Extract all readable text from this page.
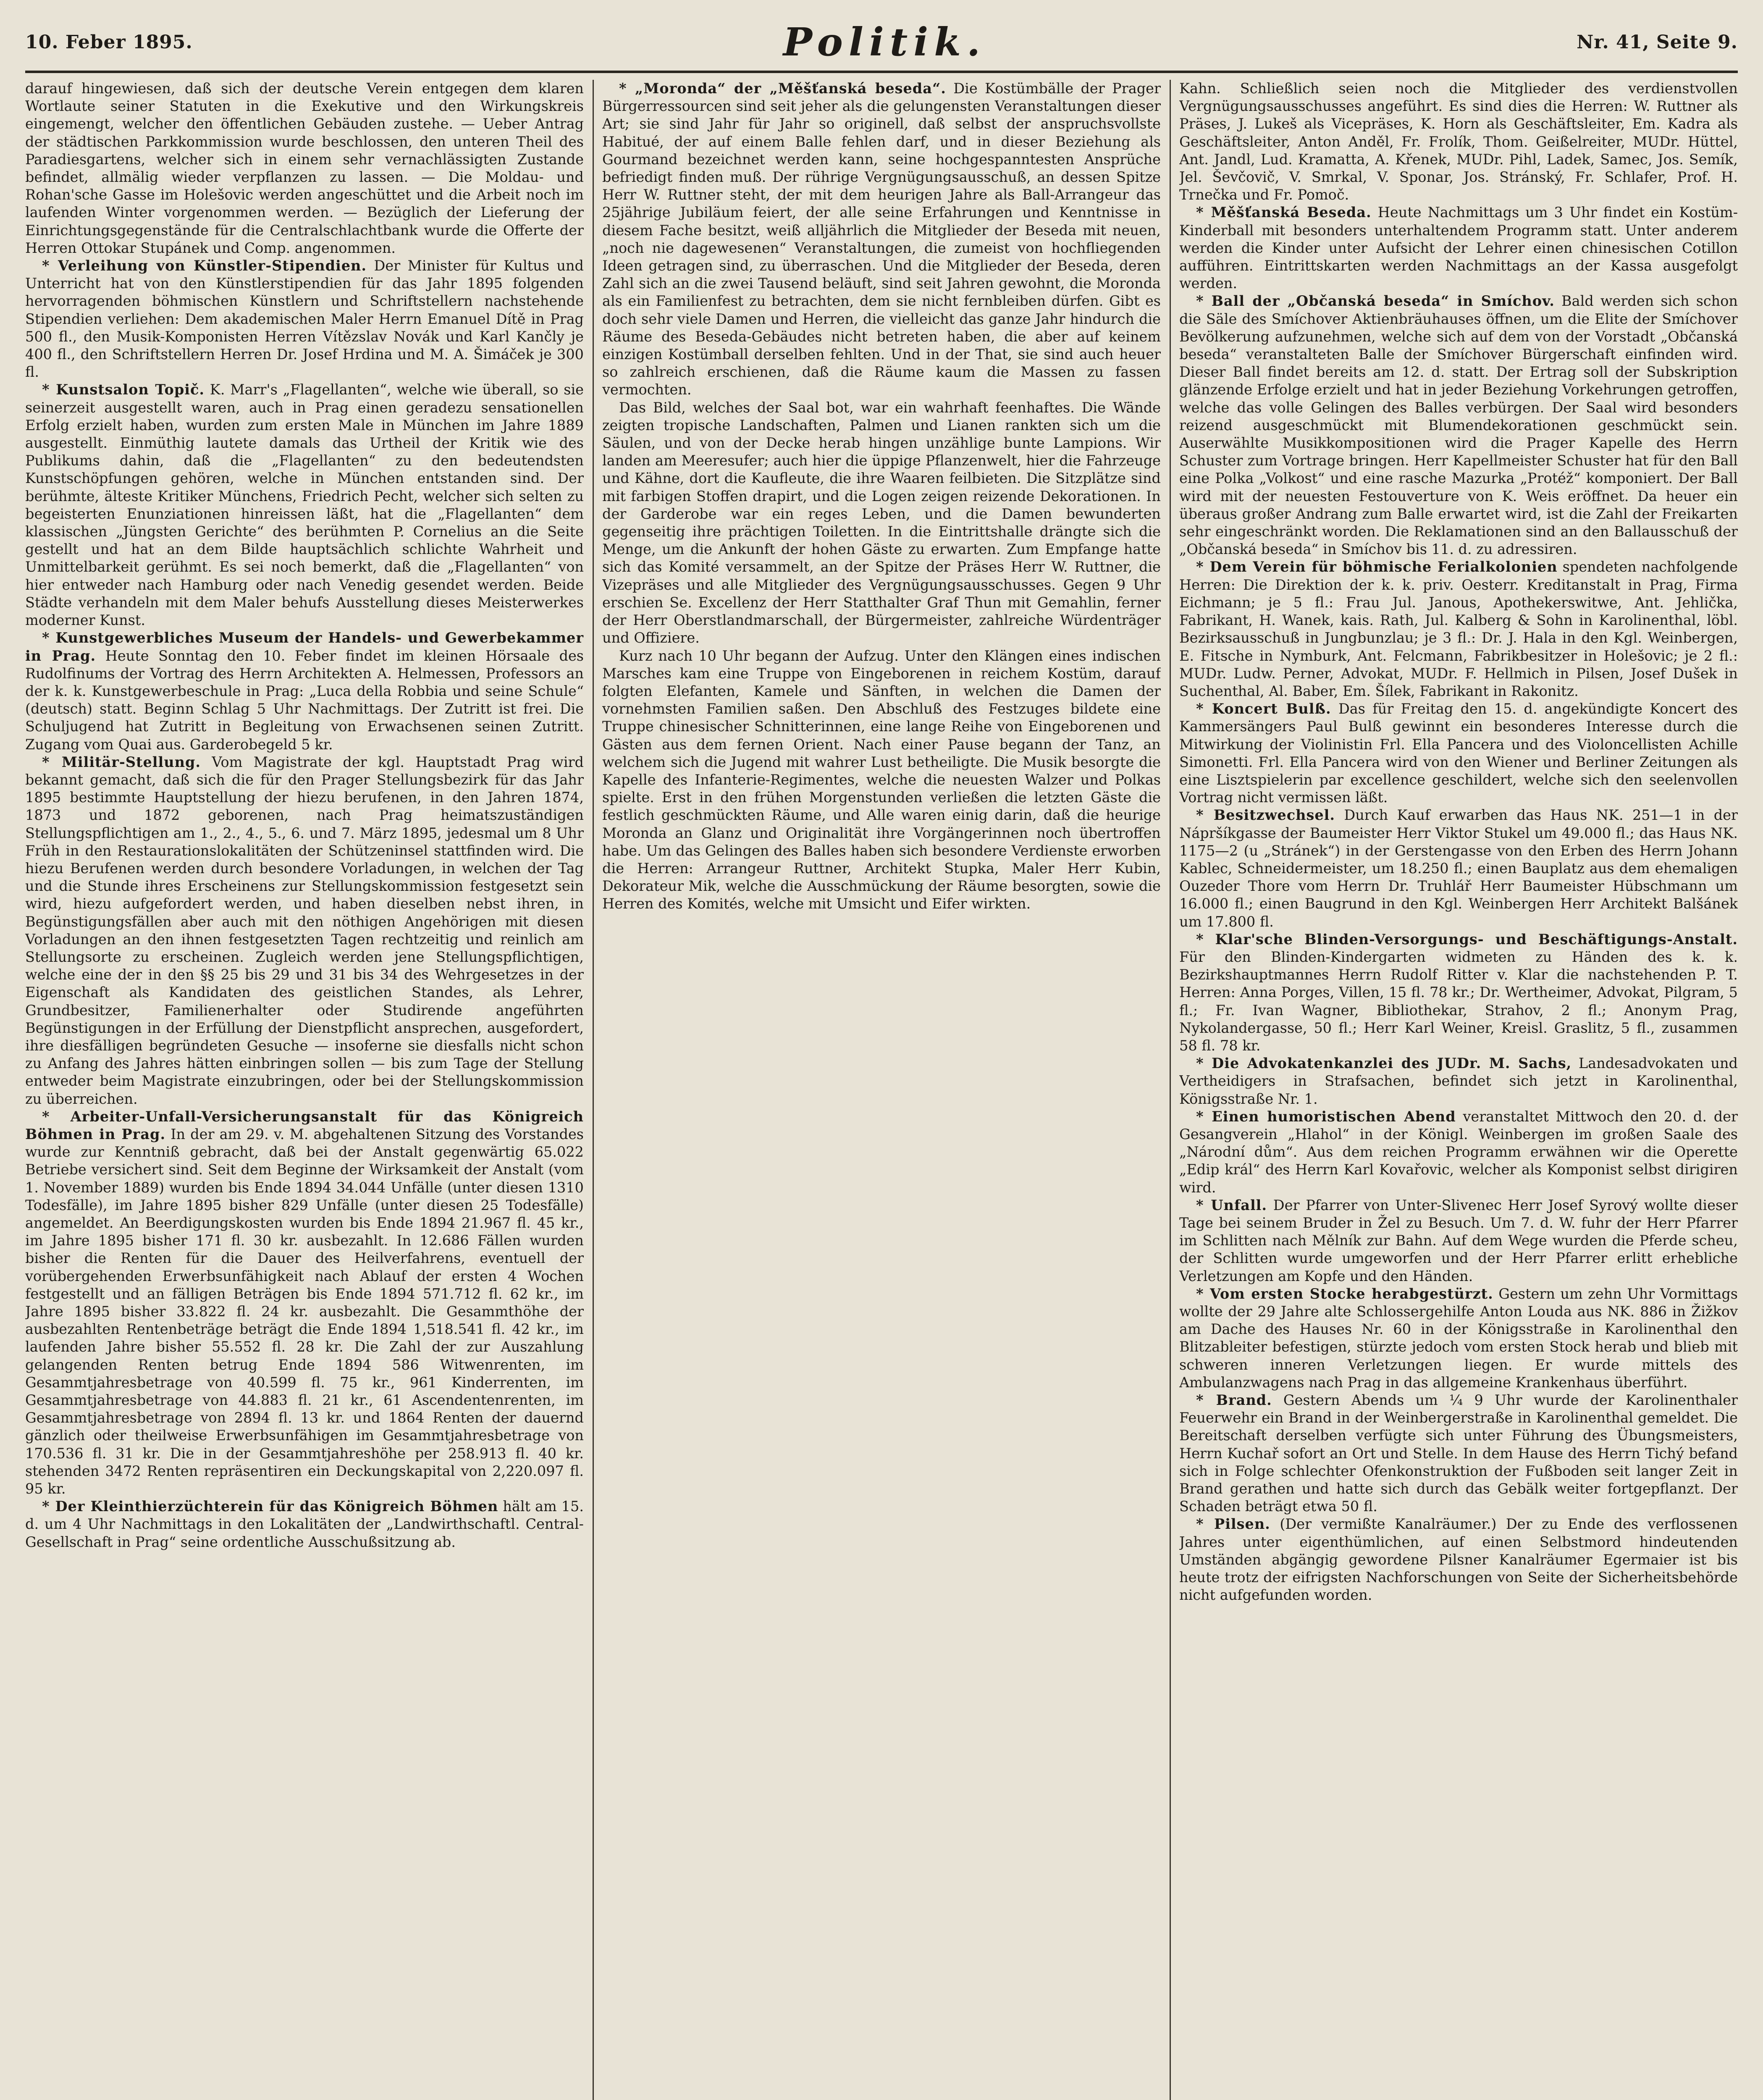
10. Feber 1895.	Politik.	Nr. 41, Seite 9.

darauf hingewiesen, daß sich der deutsche Verein entgegen dem klaren Wortlaute seiner Statuten in die Exekutive und den Wirkungskreis eingemengt, welcher den öffentlichen Gebäuden zustehe. — Ueber Antrag der städtischen Parkkommission wurde beschlossen, den unteren Theil des Paradiesgartens, welcher sich in einem sehr vernachlässigten Zustande befindet, allmälig wieder verpflanzen zu lassen. — Die Moldau- und Rohan'sche Gasse im Holešovic werden angeschüttet und die Arbeit noch im laufenden Winter vorgenommen werden. — Bezüglich der Lieferung der Einrichtungsgegenstände für die Centralschlachtbank wurde die Offerte der Herren Ottokar Stupánek und Comp. angenommen.

* Verleihung von Künstler-Stipendien. Der Minister für Kultus und Unterricht hat von den Künstlerstipendien für das Jahr 1895 folgenden hervorragenden böhmischen Künstlern und Schriftstellern nachstehende Stipendien verliehen: Dem akademischen Maler Herrn Emanuel Dítě in Prag 500 fl., den Musik-Komponisten Herren Vítězslav Novák und Karl Kančly je 400 fl., den Schriftstellern Herren Dr. Josef Hrdina und M. A. Šimáček je 300 fl.

* Kunstsalon Topič. K. Marr's „Flagellanten“, welche wie überall, so sie seinerzeit ausgestellt waren, auch in Prag einen geradezu sensationellen Erfolg erzielt haben, wurden zum ersten Male in München im Jahre 1889 ausgestellt. Einmüthig lautete damals das Urtheil der Kritik wie des Publikums dahin, daß die „Flagellanten“ zu den bedeutendsten Kunstschöpfungen gehören, welche in München entstanden sind. Der berühmte, älteste Kritiker Münchens, Friedrich Pecht, welcher sich selten zu begeisterten Enunziationen hinreissen läßt, hat die „Flagellanten“ dem klassischen „Jüngsten Gerichte“ des berühmten P. Cornelius an die Seite gestellt und hat an dem Bilde hauptsächlich schlichte Wahrheit und Unmittelbarkeit gerühmt. Es sei noch bemerkt, daß die „Flagellanten“ von hier entweder nach Hamburg oder nach Venedig gesendet werden. Beide Städte verhandeln mit dem Maler behufs Ausstellung dieses Meisterwerkes moderner Kunst.

* Kunstgewerbliches Museum der Handels- und Gewerbekammer in Prag. Heute Sonntag den 10. Feber findet im kleinen Hörsaale des Rudolfinums der Vortrag des Herrn Architekten A. Helmessen, Professors an der k. k. Kunstgewerbeschule in Prag: „Luca della Robbia und seine Schule“ (deutsch) statt. Beginn Schlag 5 Uhr Nachmittags. Der Zutritt ist frei. Die Schuljugend hat Zutritt in Begleitung von Erwachsenen seinen Zutritt. Zugang vom Quai aus. Garderobegeld 5 kr.

* Militär-Stellung. Vom Magistrate der kgl. Hauptstadt Prag wird bekannt gemacht, daß sich die für den Prager Stellungsbezirk für das Jahr 1895 bestimmte Hauptstellung der hiezu berufenen, in den Jahren 1874, 1873 und 1872 geborenen, nach Prag heimatszuständigen Stellungspflichtigen am 1., 2., 4., 5., 6. und 7. März 1895, jedesmal um 8 Uhr Früh in den Restaurationslokalitäten der Schützeninsel stattfinden wird. Die hiezu Berufenen werden durch besondere Vorladungen, in welchen der Tag und die Stunde ihres Erscheinens zur Stellungskommission festgesetzt sein wird, hiezu aufgefordert werden, und haben dieselben nebst ihren, in Begünstigungsfällen aber auch mit den nöthigen Angehörigen mit diesen Vorladungen an den ihnen festgesetzten Tagen rechtzeitig und reinlich am Stellungsorte zu erscheinen. Zugleich werden jene Stellungspflichtigen, welche eine der in den §§ 25 bis 29 und 31 bis 34 des Wehrgesetzes in der Eigenschaft als Kandidaten des geistlichen Standes, als Lehrer, Grundbesitzer, Familienerhalter oder Studirende angeführten Begünstigungen in der Erfüllung der Dienstpflicht ansprechen, ausgefordert, ihre diesfälligen begründeten Gesuche — insoferne sie diesfalls nicht schon zu Anfang des Jahres hätten einbringen sollen — bis zum Tage der Stellung entweder beim Magistrate einzubringen, oder bei der Stellungskommission zu überreichen.

* Arbeiter-Unfall-Versicherungsanstalt für das Königreich Böhmen in Prag. In der am 29. v. M. abgehaltenen Sitzung des Vorstandes wurde zur Kenntniß gebracht, daß bei der Anstalt gegenwärtig 65.022 Betriebe versichert sind. Seit dem Beginne der Wirksamkeit der Anstalt (vom 1. November 1889) wurden bis Ende 1894 34.044 Unfälle (unter diesen 1310 Todesfälle), im Jahre 1895 bisher 829 Unfälle (unter diesen 25 Todesfälle) angemeldet. An Beerdigungskosten wurden bis Ende 1894 21.967 fl. 45 kr., im Jahre 1895 bisher 171 fl. 30 kr. ausbezahlt. In 12.686 Fällen wurden bisher die Renten für die Dauer des Heilverfahrens, eventuell der vorübergehenden Erwerbsunfähigkeit nach Ablauf der ersten 4 Wochen festgestellt und an fälligen Beträgen bis Ende 1894 571.712 fl. 62 kr., im Jahre 1895 bisher 33.822 fl. 24 kr. ausbezahlt. Die Gesammthöhe der ausbezahlten Rentenbeträge beträgt die Ende 1894 1,518.541 fl. 42 kr., im laufenden Jahre bisher 55.552 fl. 28 kr. Die Zahl der zur Auszahlung gelangenden Renten betrug Ende 1894 586 Witwenrenten, im Gesammtjahresbetrage von 40.599 fl. 75 kr., 961 Kinderrenten, im Gesammtjahresbetrage von 44.883 fl. 21 kr., 61 Ascendentenrenten, im Gesammtjahresbetrage von 2894 fl. 13 kr. und 1864 Renten der dauernd gänzlich oder theilweise Erwerbsunfähigen im Gesammtjahresbetrage von 170.536 fl. 31 kr. Die in der Gesammtjahreshöhe per 258.913 fl. 40 kr. stehenden 3472 Renten repräsentiren ein Deckungskapital von 2,220.097 fl. 95 kr.

* Der Kleinthierzüchterein für das Königreich Böhmen hält am 15. d. um 4 Uhr Nachmittags in den Lokalitäten der „Landwirthschaftl. Central-Gesellschaft in Prag“ seine ordentliche Ausschußsitzung ab.

* „Moronda“ der „Měšťanská beseda“. Die Kostümbälle der Prager Bürgerressourcen sind seit jeher als die gelungensten Veranstaltungen dieser Art; sie sind Jahr für Jahr so originell, daß selbst der anspruchsvollste Habitué, der auf einem Balle fehlen darf, und in dieser Beziehung als Gourmand bezeichnet werden kann, seine hochgespanntesten Ansprüche befriedigt finden muß. Der rührige Vergnügungsausschuß, an dessen Spitze Herr W. Ruttner steht, der mit dem heurigen Jahre als Ball-Arrangeur das 25jährige Jubiläum feiert, der alle seine Erfahrungen und Kenntnisse in diesem Fache besitzt, weiß alljährlich die Mitglieder der Beseda mit neuen, „noch nie dagewesenen“ Veranstaltungen, die zumeist von hochfliegenden Ideen getragen sind, zu überraschen. Und die Mitglieder der Beseda, deren Zahl sich an die zwei Tausend beläuft, sind seit Jahren gewohnt, die Moronda als ein Familienfest zu betrachten, dem sie nicht fernbleiben dürfen. Gibt es doch sehr viele Damen und Herren, die vielleicht das ganze Jahr hindurch die Räume des Beseda-Gebäudes nicht betreten haben, die aber auf keinem einzigen Kostümball derselben fehlten. Und in der That, sie sind auch heuer so zahlreich erschienen, daß die Räume kaum die Massen zu fassen vermochten.

Das Bild, welches der Saal bot, war ein wahrhaft feenhaftes. Die Wände zeigten tropische Landschaften, Palmen und Lianen rankten sich um die Säulen, und von der Decke herab hingen unzählige bunte Lampions. Wir landen am Meeresufer; auch hier die üppige Pflanzenwelt, hier die Fahrzeuge und Kähne, dort die Kaufleute, die ihre Waaren feilbieten. Die Sitzplätze sind mit farbigen Stoffen drapirt, und die Logen zeigen reizende Dekorationen. In der Garderobe war ein reges Leben, und die Damen bewunderten gegenseitig ihre prächtigen Toiletten. In die Eintrittshalle drängte sich die Menge, um die Ankunft der hohen Gäste zu erwarten. Zum Empfange hatte sich das Komité versammelt, an der Spitze der Präses Herr W. Ruttner, die Vizepräses und alle Mitglieder des Vergnügungsausschusses. Gegen 9 Uhr erschien Se. Excellenz der Herr Statthalter Graf Thun mit Gemahlin, ferner der Herr Oberstlandmarschall, der Bürgermeister, zahlreiche Würdenträger und Offiziere.

Kurz nach 10 Uhr begann der Aufzug. Unter den Klängen eines indischen Marsches kam eine Truppe von Eingeborenen in reichem Kostüm, darauf folgten Elefanten, Kamele und Sänften, in welchen die Damen der vornehmsten Familien saßen. Den Abschluß des Festzuges bildete eine Truppe chinesischer Schnitterinnen, eine lange Reihe von Eingeborenen und Gästen aus dem fernen Orient. Nach einer Pause begann der Tanz, an welchem sich die Jugend mit wahrer Lust betheiligte. Die Musik besorgte die Kapelle des Infanterie-Regimentes, welche die neuesten Walzer und Polkas spielte. Erst in den frühen Morgenstunden verließen die letzten Gäste die festlich geschmückten Räume, und Alle waren einig darin, daß die heurige Moronda an Glanz und Originalität ihre Vorgängerinnen noch übertroffen habe. Um das Gelingen des Balles haben sich besondere Verdienste erworben die Herren: Arrangeur Ruttner, Architekt Stupka, Maler Herr Kubin, Dekorateur Mik, welche die Ausschmückung der Räume besorgten, sowie die Herren des Komités, welche mit Umsicht und Eifer wirkten.

Kahn. Schließlich seien noch die Mitglieder des verdienstvollen Vergnügungsausschusses angeführt. Es sind dies die Herren: W. Ruttner als Präses, J. Lukeš als Vicepräses, K. Horn als Geschäftsleiter, Em. Kadra als Geschäftsleiter, Anton Anděl, Fr. Frolík, Thom. Geißelreiter, MUDr. Hüttel, Ant. Jandl, Lud. Kramatta, A. Křenek, MUDr. Pihl, Ladek, Samec, Jos. Semík, Jel. Ševčovič, V. Smrkal, V. Sponar, Jos. Stránský, Fr. Schlafer, Prof. H. Trnečka und Fr. Pomoč.

* Měšťanská Beseda. Heute Nachmittags um 3 Uhr findet ein Kostüm-Kinderball mit besonders unterhaltendem Programm statt. Unter anderem werden die Kinder unter Aufsicht der Lehrer einen chinesischen Cotillon aufführen. Eintrittskarten werden Nachmittags an der Kassa ausgefolgt werden.

* Ball der „Občanská beseda“ in Smíchov. Bald werden sich schon die Säle des Smíchover Aktienbräuhauses öffnen, um die Elite der Smíchover Bevölkerung aufzunehmen, welche sich auf dem von der Vorstadt „Občanská beseda“ veranstalteten Balle der Smíchover Bürgerschaft einfinden wird. Dieser Ball findet bereits am 12. d. statt. Der Ertrag soll der Subskription glänzende Erfolge erzielt und hat in jeder Beziehung Vorkehrungen getroffen, welche das volle Gelingen des Balles verbürgen. Der Saal wird besonders reizend ausgeschmückt mit Blumendekorationen geschmückt sein. Auserwählte Musikkompositionen wird die Prager Kapelle des Herrn Schuster zum Vortrage bringen. Herr Kapellmeister Schuster hat für den Ball eine Polka „Volkost“ und eine rasche Mazurka „Protéž“ komponiert. Der Ball wird mit der neuesten Festouverture von K. Weis eröffnet. Da heuer ein überaus großer Andrang zum Balle erwartet wird, ist die Zahl der Freikarten sehr eingeschränkt worden. Die Reklamationen sind an den Ballausschuß der „Občanská beseda“ in Smíchov bis 11. d. zu adressiren.

* Dem Verein für böhmische Ferialkolonien spendeten nachfolgende Herren: Die Direktion der k. k. priv. Oesterr. Kreditanstalt in Prag, Firma Eichmann; je 5 fl.: Frau Jul. Janous, Apothekerswitwe, Ant. Jehlička, Fabrikant, H. Wanek, kais. Rath, Jul. Kalberg & Sohn in Karolinenthal, löbl. Bezirksausschuß in Jungbunzlau; je 3 fl.: Dr. J. Hala in den Kgl. Weinbergen, E. Fitsche in Nymburk, Ant. Felcmann, Fabrikbesitzer in Holešovic; je 2 fl.: MUDr. Ludw. Perner, Advokat, MUDr. F. Hellmich in Pilsen, Josef Dušek in Suchenthal, Al. Baber, Em. Šílek, Fabrikant in Rakonitz.

* Koncert Bulß. Das für Freitag den 15. d. angekündigte Koncert des Kammersängers Paul Bulß gewinnt ein besonderes Interesse durch die Mitwirkung der Violinistin Frl. Ella Pancera und des Violoncellisten Achille Simonetti. Frl. Ella Pancera wird von den Wiener und Berliner Zeitungen als eine Lisztspielerin par excellence geschildert, welche sich den seelenvollen Vortrag nicht vermissen läßt.

* Besitzwechsel. Durch Kauf erwarben das Haus NK. 251—1 in der Nápršíkgasse der Baumeister Herr Viktor Stukel um 49.000 fl.; das Haus NK. 1175—2 (u „Stránek“) in der Gerstengasse von den Erben des Herrn Johann Kablec, Schneidermeister, um 18.250 fl.; einen Bauplatz aus dem ehemaligen Ouzeder Thore vom Herrn Dr. Truhlář Herr Baumeister Hübschmann um 16.000 fl.; einen Baugrund in den Kgl. Weinbergen Herr Architekt Balšánek um 17.800 fl.

* Klar'sche Blinden-Versorgungs- und Beschäftigungs-Anstalt. Für den Blinden-Kindergarten widmeten zu Händen des k. k. Bezirkshauptmannes Herrn Rudolf Ritter v. Klar die nachstehenden P. T. Herren: Anna Porges, Villen, 15 fl. 78 kr.; Dr. Wertheimer, Advokat, Pilgram, 5 fl.; Fr. Ivan Wagner, Bibliothekar, Strahov, 2 fl.; Anonym Prag, Nykolandergasse, 50 fl.; Herr Karl Weiner, Kreisl. Graslitz, 5 fl., zusammen 58 fl. 78 kr.

* Die Advokatenkanzlei des JUDr. M. Sachs, Landesadvokaten und Vertheidigers in Strafsachen, befindet sich jetzt in Karolinenthal, Königsstraße Nr. 1.

* Einen humoristischen Abend veranstaltet Mittwoch den 20. d. der Gesangverein „Hlahol“ in der Königl. Weinbergen im großen Saale des „Národní dům“. Aus dem reichen Programm erwähnen wir die Operette „Edip král“ des Herrn Karl Kovařovic, welcher als Komponist selbst dirigiren wird.

* Unfall. Der Pfarrer von Unter-Slivenec Herr Josef Syrový wollte dieser Tage bei seinem Bruder in Žel zu Besuch. Um 7. d. W. fuhr der Herr Pfarrer im Schlitten nach Mělník zur Bahn. Auf dem Wege wurden die Pferde scheu, der Schlitten wurde umgeworfen und der Herr Pfarrer erlitt erhebliche Verletzungen am Kopfe und den Händen.

* Vom ersten Stocke herabgestürzt. Gestern um zehn Uhr Vormittags wollte der 29 Jahre alte Schlossergehilfe Anton Louda aus NK. 886 in Žižkov am Dache des Hauses Nr. 60 in der Königsstraße in Karolinenthal den Blitzableiter befestigen, stürzte jedoch vom ersten Stock herab und blieb mit schweren inneren Verletzungen liegen. Er wurde mittels des Ambulanzwagens nach Prag in das allgemeine Krankenhaus überführt.

* Brand. Gestern Abends um ¼ 9 Uhr wurde der Karolinenthaler Feuerwehr ein Brand in der Weinbergerstraße in Karolinenthal gemeldet. Die Bereitschaft derselben verfügte sich unter Führung des Übungsmeisters, Herrn Kuchař sofort an Ort und Stelle. In dem Hause des Herrn Tichý befand sich in Folge schlechter Ofenkonstruktion der Fußboden seit langer Zeit in Brand gerathen und hatte sich durch das Gebälk weiter fortgepflanzt. Der Schaden beträgt etwa 50 fl.

* Pilsen. (Der vermißte Kanalräumer.) Der zu Ende des verflossenen Jahres unter eigenthümlichen, auf einen Selbstmord hindeutenden Umständen abgängig gewordene Pilsner Kanalräumer Egermaier ist bis heute trotz der eifrigsten Nachforschungen von Seite der Sicherheitsbehörde nicht aufgefunden worden.
